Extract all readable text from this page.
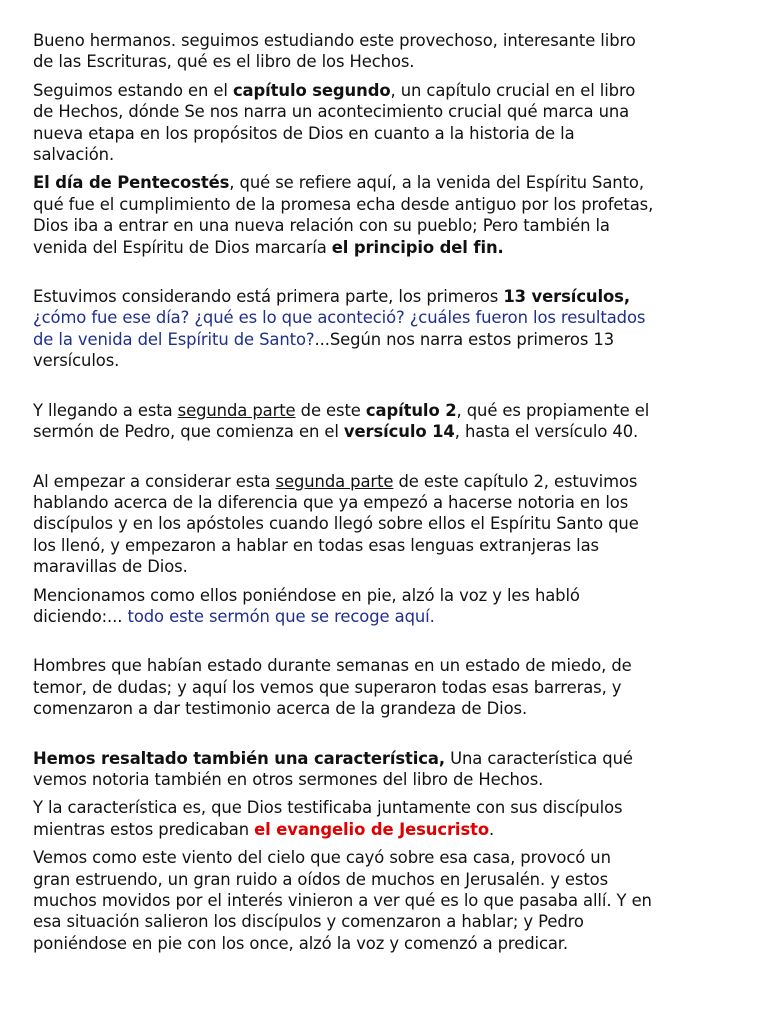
Bueno hermanos. seguimos estudiando este provechoso, interesante libro
de las Escrituras, qué es el libro de los Hechos.

Seguimos estando en el capítulo segundo, un capítulo crucial en el libro
de Hechos, dónde Se nos narra un acontecimiento crucial qué marca una
nueva etapa en los propósitos de Dios en cuanto a la historia de la
salvación.

El día de Pentecostés, qué se refiere aquí, a la venida del Espíritu Santo,
qué fue el cumplimiento de la promesa echa desde antiguo por los profetas,
Dios iba a entrar en una nueva relación con su pueblo; Pero también la
venida del Espíritu de Dios marcaría el principio del fin.

Estuvimos considerando está primera parte, los primeros 13 versículos,
¿cómo fue ese día? ¿qué es lo que aconteció? ¿cuáles fueron los resultados
de la venida del Espíritu de Santo?...Según nos narra estos primeros 13
versículos.

Y llegando a esta segunda parte de este capítulo 2, qué es propiamente el
sermón de Pedro, que comienza en el versículo 14, hasta el versículo 40.

Al empezar a considerar esta segunda parte de este capítulo 2, estuvimos
hablando acerca de la diferencia que ya empezó a hacerse notoria en los
discípulos y en los apóstoles cuando llegó sobre ellos el Espíritu Santo que
los llenó, y empezaron a hablar en todas esas lenguas extranjeras las
maravillas de Dios.

Mencionamos como ellos poniéndose en pie, alzó la voz y les habló
diciendo:... todo este sermón que se recoge aquí.

Hombres que habían estado durante semanas en un estado de miedo, de
temor, de dudas; y aquí los vemos que superaron todas esas barreras, y
comenzaron a dar testimonio acerca de la grandeza de Dios.

Hemos resaltado también una característica, Una característica qué
vemos notoria también en otros sermones del libro de Hechos.

Y la característica es, que Dios testificaba juntamente con sus discípulos
mientras estos predicaban el evangelio de Jesucristo.

Vemos como este viento del cielo que cayó sobre esa casa, provocó un
gran estruendo, un gran ruido a oídos de muchos en Jerusalén. y estos
muchos movidos por el interés vinieron a ver qué es lo que pasaba allí. Y en
esa situación salieron los discípulos y comenzaron a hablar; y Pedro
poniéndose en pie con los once, alzó la voz y comenzó a predicar.
